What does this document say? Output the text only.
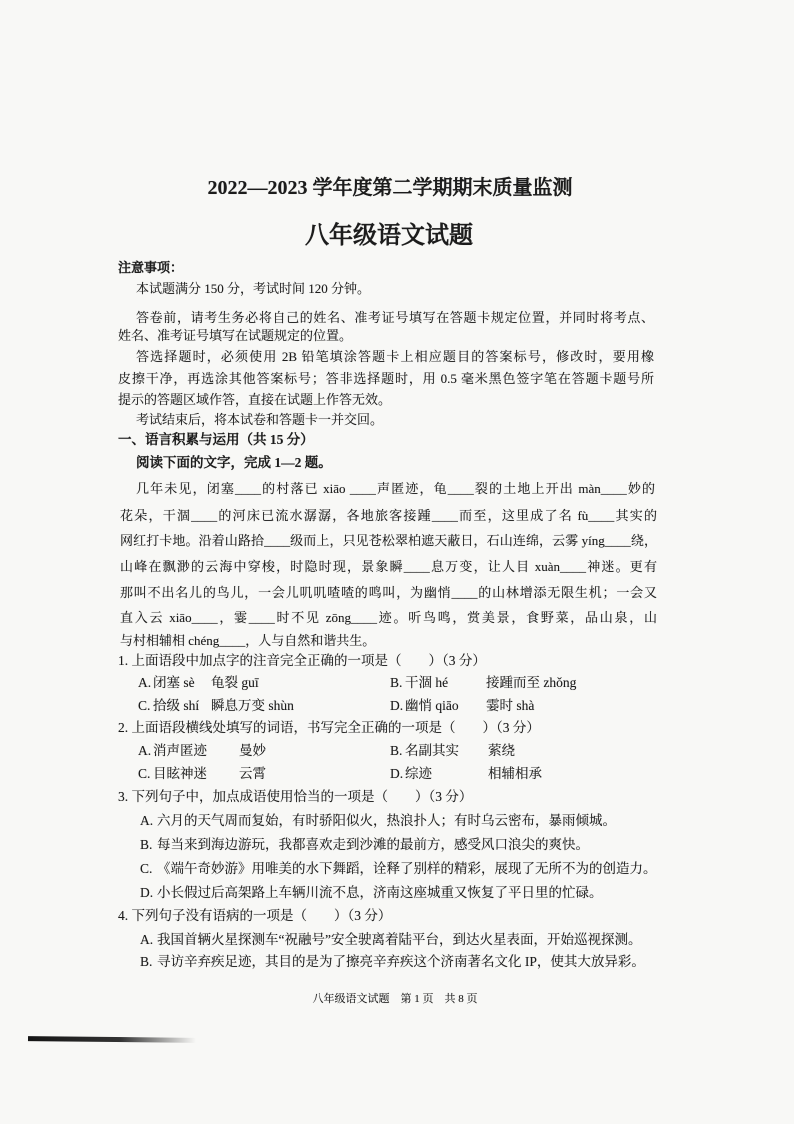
2022—2023 学年度第二学期期末质量监测
八年级语文试题
注意事项：
本试题满分 150 分，考试时间 120 分钟。
答卷前，请考生务必将自己的姓名、准考证号填写在答题卡规定位置，并同时将考点、
姓名、准考证号填写在试题规定的位置。
答选择题时，必须使用 2B 铅笔填涂答题卡上相应题目的答案标号，修改时，要用橡
皮擦干净，再选涂其他答案标号；答非选择题时，用 0.5 毫米黑色签字笔在答题卡题号所
提示的答题区域作答，直接在试题上作答无效。
考试结束后，将本试卷和答题卡一并交回。
一、语言积累与运用（共 15 分）
阅读下面的文字，完成 1—2 题。
几年未见，闭塞____的村落已 xiāo ____声匿迹，龟____裂的土地上开出 màn____妙的
花朵，干涸____的河床已流水潺潺，各地旅客接踵____而至，这里成了名 fù____其实的
网红打卡地。沿着山路拾____级而上，只见苍松翠柏遮天蔽日，石山连绵，云雾 yíng____绕，
山峰在飘渺的云海中穿梭，时隐时现，景象瞬____息万变，让人目 xuàn____神迷。更有
那叫不出名儿的鸟儿，一会儿叽叽喳喳的鸣叫，为幽悄____的山林增添无限生机；一会又
直入云 xiāo____，霎____时不见 zōng____迹。听鸟鸣，赏美景，食野菜，品山泉，山
与村相辅相 chéng____，人与自然和谐共生。
1. 上面语段中加点字的注音完全正确的一项是（　　）（3 分）
A. 闭塞 sè 龟裂 guī	B. 干涸 hé	接踵而至 zhǒng
C. 拾级 shí 瞬息万变 shùn	D. 幽悄 qiāo 霎时 shà
2. 上面语段横线处填写的词语，书写完全正确的一项是（　　）（3 分）
A. 消声匿迹 曼妙	B. 名副其实 萦绕
C. 目眩神迷 云霄	D. 综迹	相辅相承
3. 下列句子中，加点成语使用恰当的一项是（　　）（3 分）
A. 六月的天气周而复始，有时骄阳似火，热浪扑人；有时乌云密布，暴雨倾城。
B. 每当来到海边游玩，我都喜欢走到沙滩的最前方，感受风口浪尖的爽快。
C. 《端午奇妙游》用唯美的水下舞蹈，诠释了别样的精彩，展现了无所不为的创造力。
D. 小长假过后高架路上车辆川流不息，济南这座城重又恢复了平日里的忙碌。
4. 下列句子没有语病的一项是（　　）（3 分）
A. 我国首辆火星探测车“祝融号”安全驶离着陆平台，到达火星表面，开始巡视探测。
B. 寻访辛弃疾足迹，其目的是为了擦亮辛弃疾这个济南著名文化 IP，使其大放异彩。
八年级语文试题　第 1 页　共 8 页
